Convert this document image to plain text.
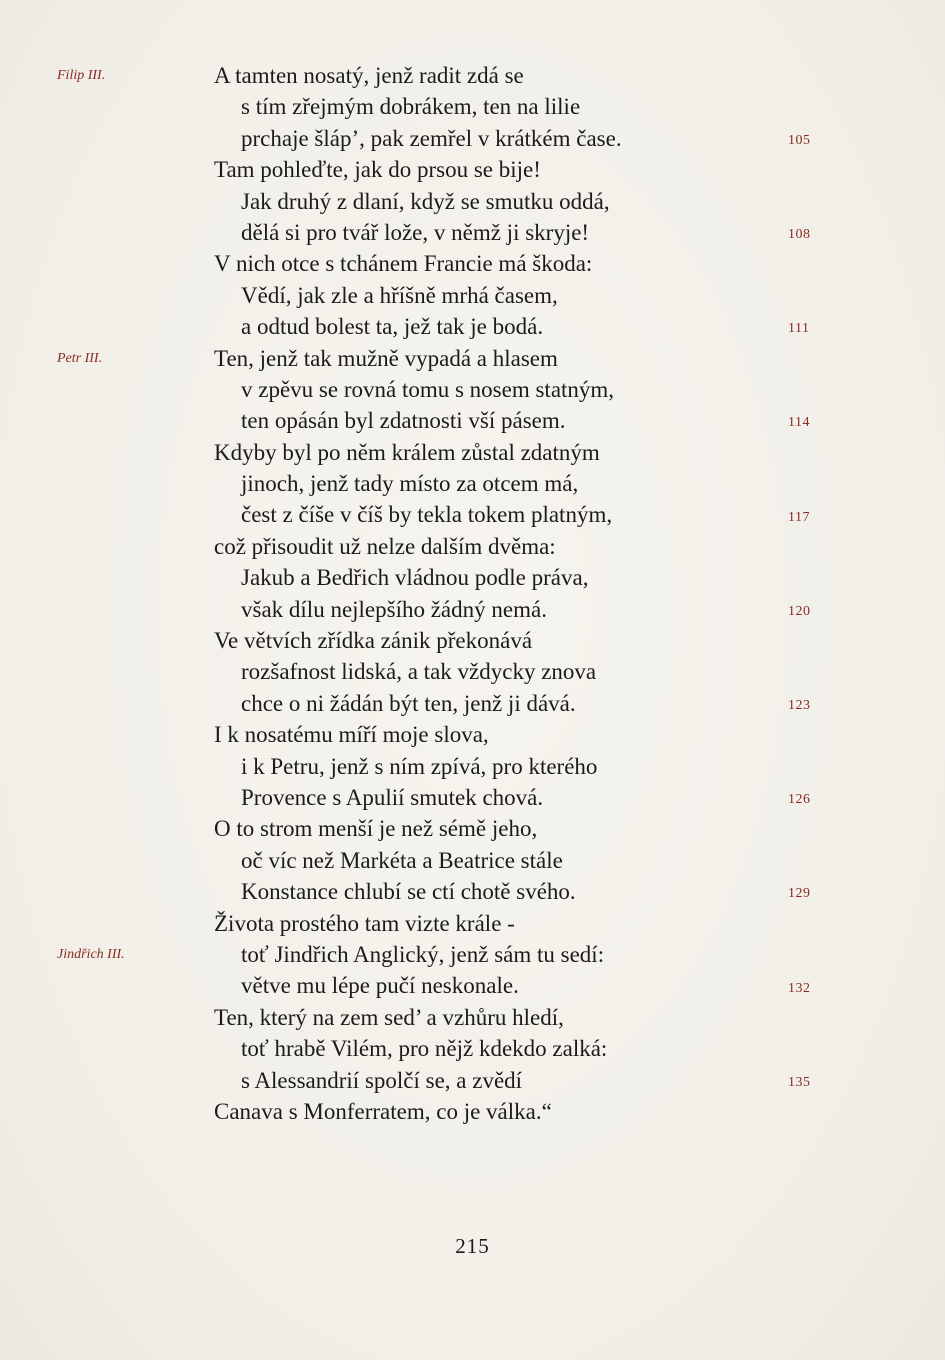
A tamten nosatý, jenž radit zdá se
s tím zřejmým dobrákem, ten na lilie
prchaje šláp’, pak zemřel v krátkém čase.
Tam pohleďte, jak do prsou se bije!
Jak druhý z dlaní, když se smutku oddá,
dělá si pro tvář lože, v němž ji skryje!
V nich otce s tchánem Francie má škoda:
Vědí, jak zle a hříšně mrhá časem,
a odtud bolest ta, jež tak je bodá.
Ten, jenž tak mužně vypadá a hlasem
v zpěvu se rovná tomu s nosem statným,
ten opásán byl zdatnosti vší pásem.
Kdyby byl po něm králem zůstal zdatným
jinoch, jenž tady místo za otcem má,
čest z číše v číš by tekla tokem platným,
což přisoudit už nelze dalším dvěma:
Jakub a Bedřich vládnou podle práva,
však dílu nejlepšího žádný nemá.
Ve větvích zřídka zánik překonává
rozšafnost lidská, a tak vždycky znova
chce o ni žádán být ten, jenž ji dává.
I k nosatému míří moje slova,
i k Petru, jenž s ním zpívá, pro kterého
Provence s Apulií smutek chová.
O to strom menší je než sémě jeho,
oč víc než Markéta a Beatrice stále
Konstance chlubí se ctí chotě svého.
Života prostého tam vizte krále -
toť Jindřich Anglický, jenž sám tu sedí:
větve mu lépe pučí neskonale.
Ten, který na zem sed’ a vzhůru hledí,
toť hrabě Vilém, pro nějž kdekdo zalká:
s Alessandrií spolčí se, a zvědí
Canava s Monferratem, co je válka.“
Filip III.
Petr III.
Jindřich III.
105
108
111
114
117
120
123
126
129
132
135
215
